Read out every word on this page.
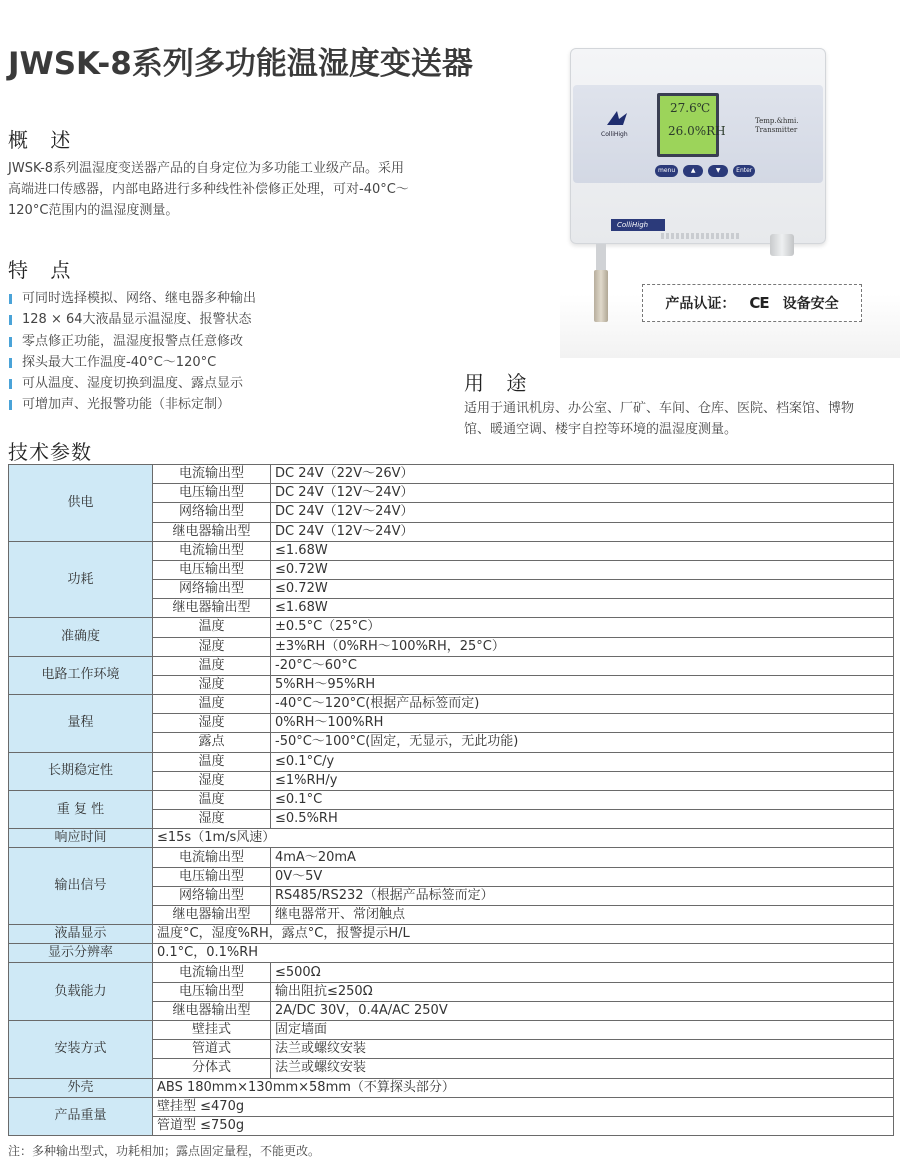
JWSK-8系列多功能温湿度变送器
概 述
JWSK-8系列温湿度变送器产品的自身定位为多功能工业级产品。采用
高端进口传感器，内部电路进行多种线性补偿修正处理，可对-40°C～
120°C范围内的温湿度测量。
特 点
可同时选择模拟、网络、继电器多种输出
128 × 64大液晶显示温湿度、报警状态
零点修正功能，温湿度报警点任意修改
探头最大工作温度-40°C～120°C
可从温度、湿度切换到温度、露点显示
可增加声、光报警功能（非标定制）
ColliHigh
27.6℃
26.0%RH
Temp.&hmi.
Transmitter
menu	▲	▼	Enter
ColliHigh
产品认证： CE 设备安全
用 途
适用于通讯机房、办公室、厂矿、车间、仓库、医院、档案馆、博物
馆、暖通空调、楼宇自控等环境的温湿度测量。
技术参数
供电	电流输出型	DC 24V（22V～26V）
	电压输出型	DC 24V（12V～24V）
	网络输出型	DC 24V（12V～24V）
	继电器输出型	DC 24V（12V～24V）
功耗	电流输出型	≤1.68W
	电压输出型	≤0.72W
	网络输出型	≤0.72W
	继电器输出型	≤1.68W
准确度	温度	±0.5°C（25°C）
	湿度	±3%RH（0%RH～100%RH，25°C）
电路工作环境	温度	-20°C～60°C
	湿度	5%RH～95%RH
量程	温度	-40°C～120°C(根据产品标签而定)
	湿度	0%RH～100%RH
	露点	-50°C～100°C(固定，无显示，无此功能)
长期稳定性	温度	≤0.1°C/y
	湿度	≤1%RH/y
重 复 性	温度	≤0.1°C
	湿度	≤0.5%RH
响应时间	≤15s（1m/s风速）	
输出信号	电流输出型	4mA～20mA
	电压输出型	0V～5V
	网络输出型	RS485/RS232（根据产品标签而定）
	继电器输出型	继电器常开、常闭触点
液晶显示	温度°C，湿度%RH，露点°C，报警提示H/L	
显示分辨率	0.1°C，0.1%RH	
负载能力	电流输出型	≤500Ω
	电压输出型	输出阻抗≤250Ω
	继电器输出型	2A/DC 30V，0.4A/AC 250V
安装方式	壁挂式	固定墙面
	管道式	法兰或螺纹安装
	分体式	法兰或螺纹安装
外壳	ABS 180mm×130mm×58mm（不算探头部分）	
产品重量	壁挂型 ≤470g	
	管道型 ≤750g	
注：多种输出型式，功耗相加；露点固定量程，不能更改。
